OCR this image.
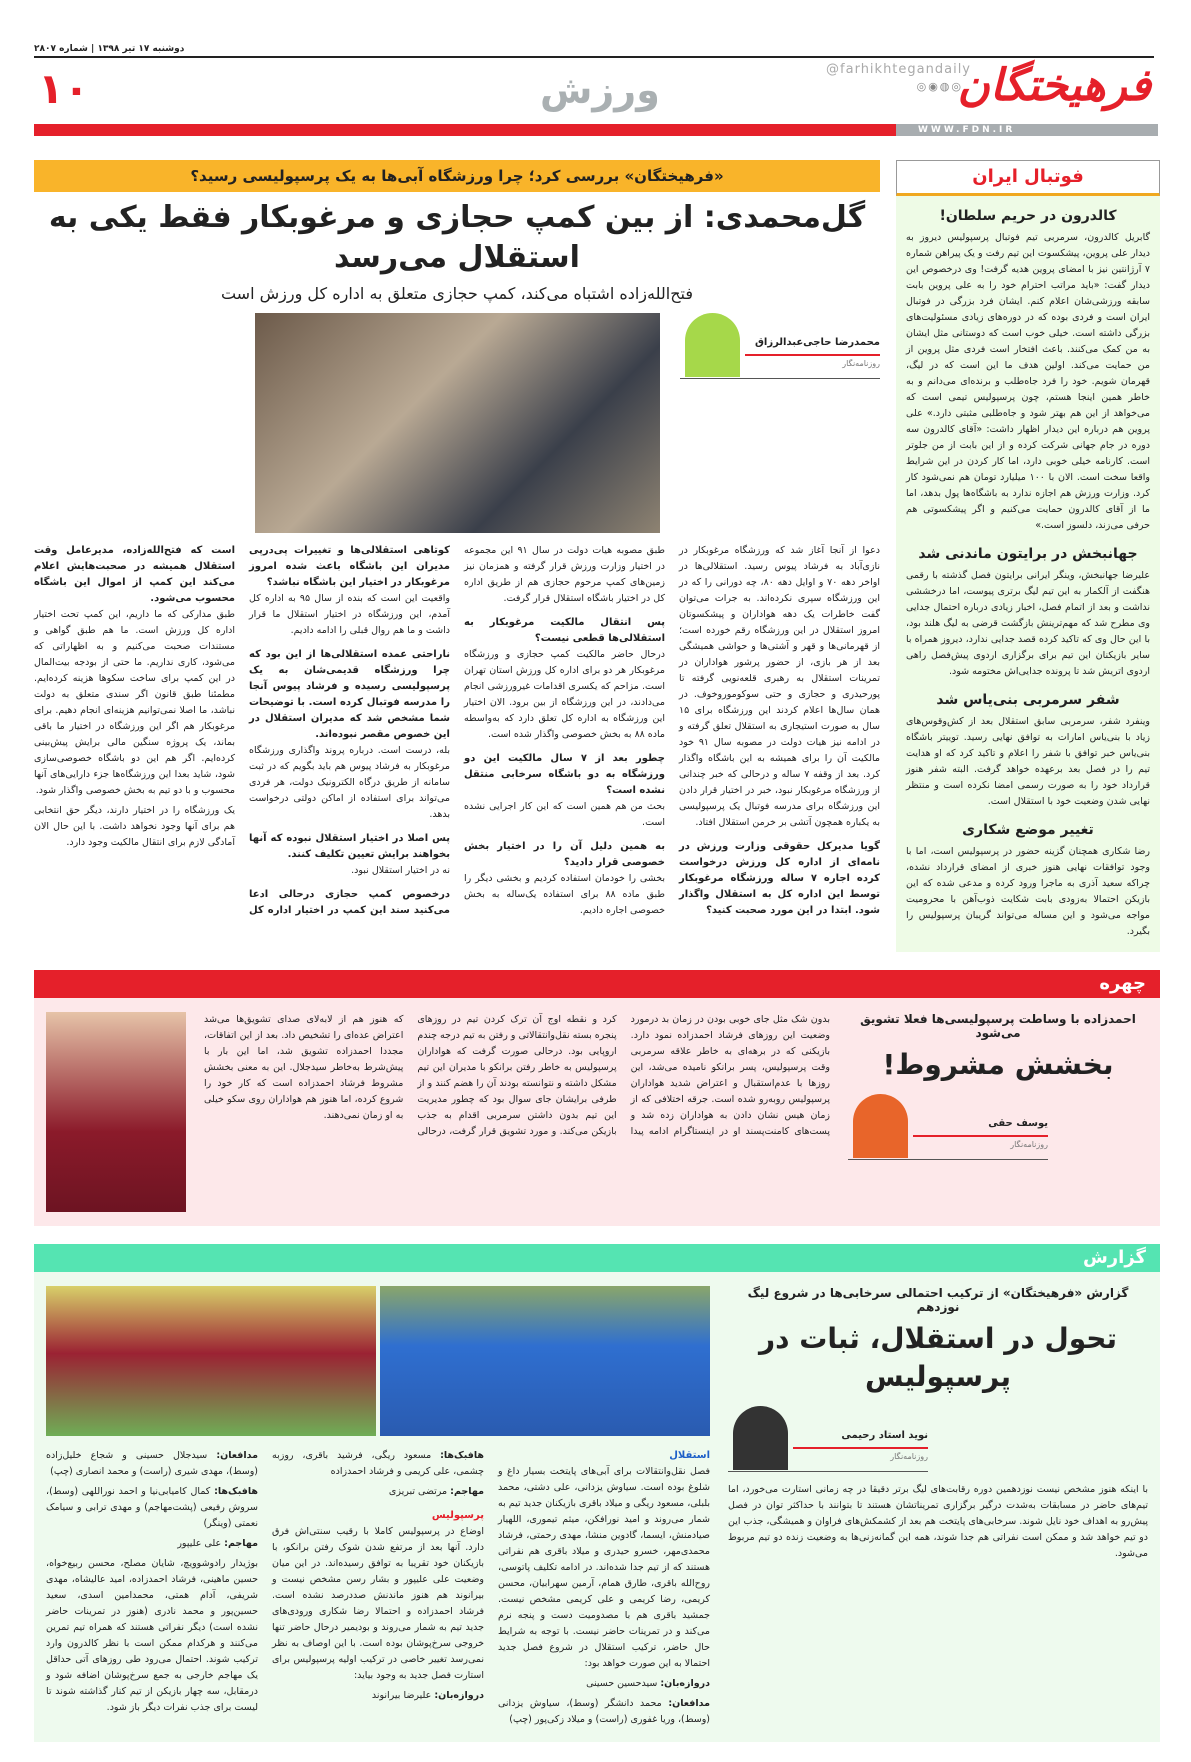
دوشنبه ۱۷ تیر ۱۳۹۸ | شماره ۲۸۰۷
فرهیختگان
@farhikhtegandaily
◎◉◍◎
۱۰	ورزش
WWW.FDN.IR
فوتبال ایران
کالدرون در حریم سلطان!

گابریل کالدرون، سرمربی تیم فوتبال پرسپولیس دیروز به دیدار علی پروین، پیشکسوت این تیم رفت و یک پیراهن شماره ۷ آرژانتین نیز با امضای پروین هدیه گرفت! وی درخصوص این دیدار گفت: «باید مراتب احترام خود را به علی پروین بابت سابقه ورزشی‌شان اعلام کنم. ایشان فرد بزرگی در فوتبال ایران است و فردی بوده که در دوره‌های زیادی مسئولیت‌های بزرگی داشته است. خیلی خوب است که دوستانی مثل ایشان به من کمک می‌کنند. باعث افتخار است فردی مثل پروین از من حمایت می‌کند. اولین هدف ما این است که در لیگ، قهرمان شویم. خود را فرد جاه‌طلب و برنده‌ای می‌دانم و به خاطر همین اینجا هستم، چون پرسپولیس تیمی است که می‌خواهد از این هم بهتر شود و جاه‌طلبی مثبتی دارد.» علی پروین هم درباره این دیدار اظهار داشت: «آقای کالدرون سه دوره در جام جهانی شرکت کرده و از این بابت از من جلوتر است. کارنامه خیلی خوبی دارد، اما کار کردن در این شرایط واقعا سخت است. الان با ۱۰۰ میلیارد تومان هم نمی‌شود کار کرد. وزارت ورزش هم اجازه ندارد به باشگاه‌ها پول بدهد، اما ما از آقای کالدرون حمایت می‌کنیم و اگر پیشکسوتی هم حرفی می‌زند، دلسوز است.»

جهانبخش در برایتون ماندنی شد

علیرضا جهانبخش، وینگر ایرانی برایتون فصل گذشته با رقمی هنگفت از آلکمار به این تیم لیگ برتری پیوست، اما درخششی نداشت و بعد از اتمام فصل، اخبار زیادی درباره احتمال جدایی وی مطرح شد که مهم‌ترینش بازگشت قرضی به لیگ هلند بود، با این حال وی که تاکید کرده قصد جدایی ندارد، دیروز همراه با سایر بازیکنان این تیم برای برگزاری اردوی پیش‌فصل راهی اردوی اتریش شد تا پرونده جدایی‌اش مختومه شود.

شفر سرمربی بنی‌یاس شد

وینفرد شفر، سرمربی سابق استقلال بعد از کش‌وقوس‌های زیاد با بنی‌یاس امارات به توافق نهایی رسید. توییتر باشگاه بنی‌یاس خبر توافق با شفر را اعلام و تاکید کرد که او هدایت تیم را در فصل بعد برعهده خواهد گرفت. البته شفر هنوز قرارداد خود را به صورت رسمی امضا نکرده است و منتظر نهایی شدن وضعیت خود با استقلال است.

تغییر موضع شکاری

رضا شکاری همچنان گزینه حضور در پرسپولیس است، اما با وجود توافقات نهایی هنوز خبری از امضای قرارداد نشده، چراکه سعید آذری به ماجرا ورود کرده و مدعی شده که این بازیکن احتمالا به‌زودی بابت شکایت ذوب‌آهن با محرومیت مواجه می‌شود و این مساله می‌تواند گریبان پرسپولیس را بگیرد.

«فرهیختگان» بررسی کرد؛ چرا ورزشگاه آبی‌ها به یک پرسپولیسی رسید؟
گل‌محمدی: از بین کمپ حجازی و مرغوبکار فقط یکی به استقلال می‌رسد
فتح‌الله‌زاده اشتباه می‌کند، کمپ حجازی متعلق به اداره کل ورزش است
محمدرضا حاجی‌عبدالرزاق
روزنامه‌نگار

دعوا از آنجا آغاز شد که ورزشگاه مرغوبکار در نازی‌آباد به فرشاد پیوس رسید. استقلالی‌ها در اواخر دهه ۷۰ و اوایل دهه ۸۰، چه دورانی را که در این ورزشگاه سپری نکرده‌اند. به جرات می‌توان گفت خاطرات یک دهه هواداران و پیشکسوتان امروز استقلال در این ورزشگاه رقم خورده است؛ از قهرمانی‌ها و قهر و آشتی‌ها و حواشی همیشگی بعد از هر بازی، از حضور پرشور هواداران در تمرینات استقلال به رهبری قلعه‌نویی گرفته تا پورحیدری و حجازی و حتی سوکوموروخوف. در همان سال‌ها اعلام کردند این ورزشگاه برای ۱۵ سال به صورت استیجاری به استقلال تعلق گرفته و در ادامه نیز هیات دولت در مصوبه سال ۹۱ خود مالکیت آن را برای همیشه به این باشگاه واگذار کرد. بعد از وقفه ۷ ساله و درحالی که خبر چندانی از ورزشگاه مرغوبکار نبود، خبر در اختیار قرار دادن این ورزشگاه برای مدرسه فوتبال یک پرسپولیسی به یکباره همچون آتشی بر خرمن استقلال افتاد.

گویا مدیرکل حقوقی وزارت ورزش در نامه‌ای از اداره کل ورزش درخواست کرده اجاره ۷ ساله ورزشگاه مرغوبکار توسط این اداره کل به استقلال واگذار شود. ابتدا در این مورد صحبت کنید؟

طبق مصوبه هیات دولت در سال ۹۱ این مجموعه در اختیار وزارت ورزش قرار گرفته و همزمان نیز زمین‌های کمپ مرحوم حجازی هم از طریق اداره کل در اختیار باشگاه استقلال قرار گرفت.

پس انتقال مالکیت مرغوبکار به استقلالی‌ها قطعی نیست؟

درحال حاضر مالکیت کمپ حجازی و ورزشگاه مرغوبکار هر دو برای اداره کل ورزش استان تهران است. مزاحم که یکسری اقدامات غیرورزشی انجام می‌دادند، در این ورزشگاه از بین برود. الان اختیار این ورزشگاه به اداره کل تعلق دارد که به‌واسطه ماده ۸۸ به بخش خصوصی واگذار شده است.

چطور بعد از ۷ سال مالکیت این دو ورزشگاه به دو باشگاه سرخابی منتقل نشده است؟

بحث من هم همین است که این کار اجرایی نشده است.

به همین دلیل آن را در اختیار بخش خصوصی قرار دادید؟

بخشی را خودمان استفاده کردیم و بخشی دیگر را طبق ماده ۸۸ برای استفاده یک‌ساله به بخش خصوصی اجاره دادیم.

کوتاهی استقلالی‌ها و تغییرات پی‌در‌پی مدیران این باشگاه باعث شده امروز مرغوبکار در اختیار این باشگاه نباشد؟

واقعیت این است که بنده از سال ۹۵ به اداره کل آمدم، این ورزشگاه در اختیار استقلال ما قرار داشت و ما هم روال قبلی را ادامه دادیم.

ناراحتی عمده استقلالی‌ها از این بود که چرا ورزشگاه قدیمی‌شان به یک پرسپولیسی رسیده و فرشاد پیوس آنجا را مدرسه فوتبال کرده است. با توضیحات شما مشخص شد که مدیران استقلال در این خصوص مقصر نبوده‌اند.

بله، درست است. درباره پروند واگذاری ورزشگاه مرغوبکار به فرشاد پیوس هم باید بگویم که در ثبت سامانه از طریق درگاه الکترونیک دولت، هر فردی می‌تواند برای استفاده از اماکن دولتی درخواست بدهد.

پس اصلا در اختیار استقلال نبوده که آنها بخواهند برایش تعیین تکلیف کنند.

نه در اختیار استقلال نبود.

درخصوص کمپ حجازی درحالی ادعا می‌کنید سند این کمپ در اختیار اداره کل است که فتح‌الله‌زاده، مدیرعامل وقت استقلال همیشه در صحبت‌هایش اعلام می‌کند این کمپ از اموال این باشگاه محسوب می‌شود.

طبق مدارکی که ما داریم، این کمپ تحت اختیار اداره کل ورزش است. ما هم طبق گواهی و مستندات صحبت می‌کنیم و به اظهاراتی که می‌شود، کاری نداریم. ما حتی از بودجه بیت‌المال در این کمپ برای ساخت سکوها هزینه کرده‌ایم. مطمئنا طبق قانون اگر سندی متعلق به دولت نباشد، ما اصلا نمی‌توانیم هزینه‌ای انجام دهیم. برای مرغوبکار هم اگر این ورزشگاه در اختیار ما باقی بماند، یک پروژه سنگین مالی برایش پیش‌بینی کرده‌ایم. اگر هم این دو باشگاه خصوصی‌سازی شود، شاید بعدا این ورزشگاه‌ها جزء دارایی‌های آنها محسوب و با دو تیم به بخش خصوصی واگذار شود.

یک ورزشگاه را در اختیار دارند، دیگر حق انتخابی هم برای آنها وجود نخواهد داشت. با این حال الان آمادگی لازم برای انتقال مالکیت وجود دارد.

چهره
احمدزاده با وساطت پرسپولیسی‌ها فعلا تشویق می‌شود
بخشش مشروط!
یوسف حقی
روزنامه‌نگار
بدون شک مثل جای خوبی بودن در زمان بد درمورد وضعیت این روزهای فرشاد احمدزاده نمود دارد. بازیکنی که در برهه‌ای به خاطر علاقه سرمربی وقت پرسپولیس، پسر برانکو نامیده می‌شد، این روزها با عدم‌استقبال و اعتراض شدید هواداران پرسپولیس روبه‌رو شده است. جرقه اختلافی که از زمان هیس نشان دادن به هواداران زده شد و پست‌های کامنت‌پسند او در اینستاگرام ادامه پیدا کرد و نقطه اوج آن ترک کردن تیم در روزهای پنجره بسته نقل‌وانتقالاتی و رفتن به تیم درجه چندم اروپایی بود. درحالی صورت گرفت که هواداران پرسپولیس به خاطر رفتن برانکو با مدیران این تیم مشکل داشته و نتوانسته بودند آن را هضم کنند و از طرفی برایشان جای سوال بود که چطور مدیریت این تیم بدون داشتن سرمربی اقدام به جذب بازیکن می‌کند. و مورد تشویق قرار گرفت، درحالی که هنوز هم از لابه‌لای صدای تشویق‌ها می‌شد اعتراض عده‌ای را تشخیص داد. بعد از این اتفاقات، مجددا احمدزاده تشویق شد، اما این بار با پیش‌شرط به‌خاطر سیدجلال. این به معنی بخشش مشروط فرشاد احمدزاده است که کار خود را شروع کرده، اما هنوز هم هواداران روی سکو خیلی به او زمان نمی‌دهند.
گزارش
گزارش «فرهیختگان» از ترکیب احتمالی سرخابی‌ها در شروع لیگ نوزدهم
تحول در استقلال، ثبات در پرسپولیس
نوید استاد رحیمی
روزنامه‌نگار

با اینکه هنوز مشخص نیست نوزدهمین دوره رقابت‌های لیگ برتر دقیقا در چه زمانی استارت می‌خورد، اما تیم‌های حاضر در مسابقات به‌شدت درگیر برگزاری تمریناتشان هستند تا بتوانند با حداکثر توان در فصل پیش‌رو به اهداف خود نایل شوند. سرخابی‌های پایتخت هم بعد از کشمکش‌های فراوان و همیشگی، جذب این دو تیم خواهد شد و ممکن است نفراتی هم جدا شوند، همه این گمانه‌زنی‌ها به وضعیت زنده دو تیم مربوط می‌شود.

استقلال

فصل نقل‌وانتقالات برای آبی‌های پایتخت بسیار داغ و شلوغ بوده است. سیاوش یزدانی، علی دشتی، محمد بلبلی، مسعود ریگی و میلاد باقری بازیکنان جدید تیم به شمار می‌روند و امید نورافکن، میثم تیموری، اللهیار صیادمنش، ایسما، گادوین منشا، مهدی رحمتی، فرشاد محمدی‌مهر، خسرو حیدری و میلاد باقری هم نفراتی هستند که از تیم جدا شده‌اند. در ادامه تکلیف پاتوسی، روح‌الله باقری، طارق همام، آرمین سهرابیان، محسن کریمی، رضا کریمی و علی کریمی مشخص نیست. جمشید باقری هم با مصدومیت دست و پنجه نرم می‌کند و در تمرینات حاضر نیست. با توجه به شرایط حال حاضر، ترکیب استقلال در شروع فصل جدید احتمالا به این صورت خواهد بود:

دروازه‌بان: سیدحسین حسینی

مدافعان: محمد دانشگر (وسط)، سیاوش یزدانی (وسط)، وریا غفوری (راست) و میلاد زکی‌پور (چپ)

هافبک‌ها: مسعود ریگی، فرشید باقری، روزبه چشمی، علی کریمی و فرشاد احمدزاده

مهاجم: مرتضی تبریزی

پرسپولیس

اوضاع در پرسپولیس کاملا با رقیب سنتی‌اش فرق دارد. آنها بعد از مرتفع شدن شوک رفتن برانکو، با بازیکنان خود تقریبا به توافق رسیده‌اند. در این میان وضعیت علی علیپور و بشار رسن مشخص نیست و بیرانوند هم هنوز ماندنش صددرصد نشده است. فرشاد احمدزاده و احتمالا رضا شکاری ورودی‌های جدید تیم به شمار می‌روند و بودیمیر درحال حاضر تنها خروجی سرخ‌پوشان بوده است. با این اوصاف به نظر نمی‌رسد تغییر خاصی در ترکیب اولیه پرسپولیس برای استارت فصل جدید به وجود بیاید:

دروازه‌بان: علیرضا بیرانوند

مدافعان: سیدجلال حسینی و شجاع خلیل‌زاده (وسط)، مهدی شیری (راست) و محمد انصاری (چپ)

هافبک‌ها: کمال کامیابی‌نیا و احمد نوراللهی (وسط)، سروش رفیعی (پشت‌مهاجم) و مهدی ترابی و سیامک نعمتی (وینگر)

مهاجم: علی علیپور

بوژیدار رادوشوویچ، شایان مصلح، محسن ربیع‌خواه، حسین ماهینی، فرشاد احمدزاده، امید عالیشاه، مهدی شریفی، آدام همتی، محمدامین اسدی، سعید حسین‌پور و محمد نادری (هنوز در تمرینات حاضر نشده است) دیگر نفراتی هستند که همراه تیم تمرین می‌کنند و هرکدام ممکن است با نظر کالدرون وارد ترکیب شوند. احتمال می‌رود طی روزهای آتی حداقل یک مهاجم خارجی به جمع سرخ‌پوشان اضافه شود و درمقابل، سه چهار بازیکن از تیم کنار گذاشته شوند تا لیست برای جذب نفرات دیگر باز شود.
